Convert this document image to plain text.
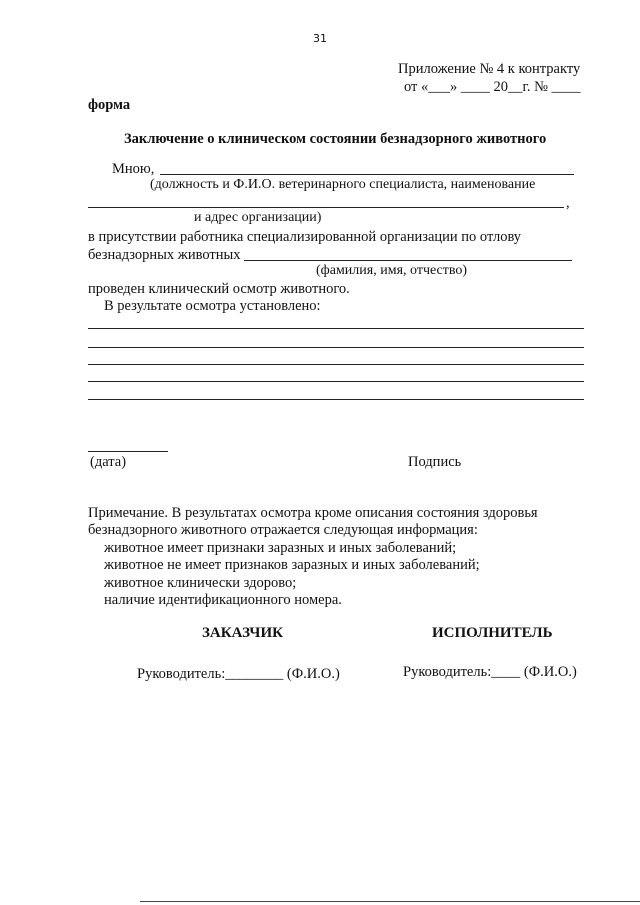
31
Приложение № 4 к контракту
от «___» ____ 20__г. № ____
форма
Заключение о клиническом состоянии безнадзорного животного
Мною,
(должность и Ф.И.О. ветеринарного специалиста, наименование
,
и адрес организации)
в присутствии работника специализированной организации по отлову
безнадзорных животных
(фамилия, имя, отчество)
проведен клинический осмотр животного.
В результате осмотра установлено:
(дата)	Подпись
Примечание. В результатах осмотра кроме описания состояния здоровья
безнадзорного животного отражается следующая информация:
животное имеет признаки заразных и иных заболеваний;
животное не имеет признаков заразных и иных заболеваний;
животное клинически здорово;
наличие идентификационного номера.
ЗАКАЗЧИК	ИСПОЛНИТЕЛЬ
Руководитель:________ (Ф.И.О.)	Руководитель:____ (Ф.И.О.)
